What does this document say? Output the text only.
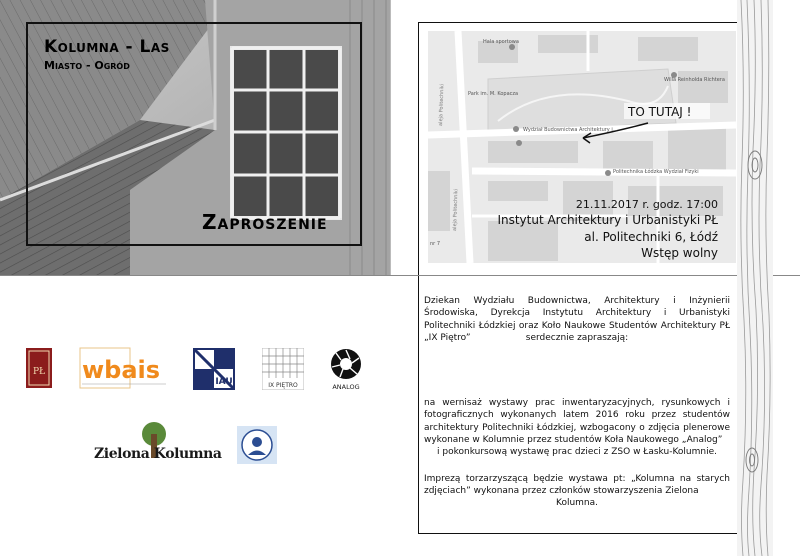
Kolumna - Las
Miasto - Ogród
Zaproszenie
PŁ wbais	IAU	IX PIĘTRO	ANALOG
Zielona Kolumna
Hala sportowa
Park im. M. Kopacza
Wydział Budownictwa Architektury i...
Politechnika Łódzka Wydział Fizyki
Willa Reinholda Richtera
aleja Politechniki
aleja Politechniki
nr 7
TO TUTAJ !
21.11.2017 r. godz. 17:00
Instytut Architektury i Urbanistyki PŁ
al. Politechniki 6, Łódź
Wstęp wolny
Dziekan Wydziału Budownictwa, Architektury i Inżynierii Środowiska, Dyrekcja Instytutu Architektury i Urbanistyki Politechniki Łódzkiej oraz Koło Naukowe Studentów Architektury PŁ „IX Piętro”	serdecznie zapraszają:
na wernisaż wystawy prac inwentaryzacyjnych, rysunkowych i fotograficznych wykonanych latem 2016 roku przez studentów architektury Politechniki Łódzkiej, wzbogacony o zdjęcia plenerowe wykonane w Kolumnie przez studentów Koła Naukowego „Analog”
i pokonkursową wystawę prac dzieci z ZSO w Łasku-Kolumnie.
Imprezą torzarzyszącą będzie wystawa pt: „Kolumna na starych zdjęciach” wykonana przez członków stowarzyszenia Zielona
Kolumna.
